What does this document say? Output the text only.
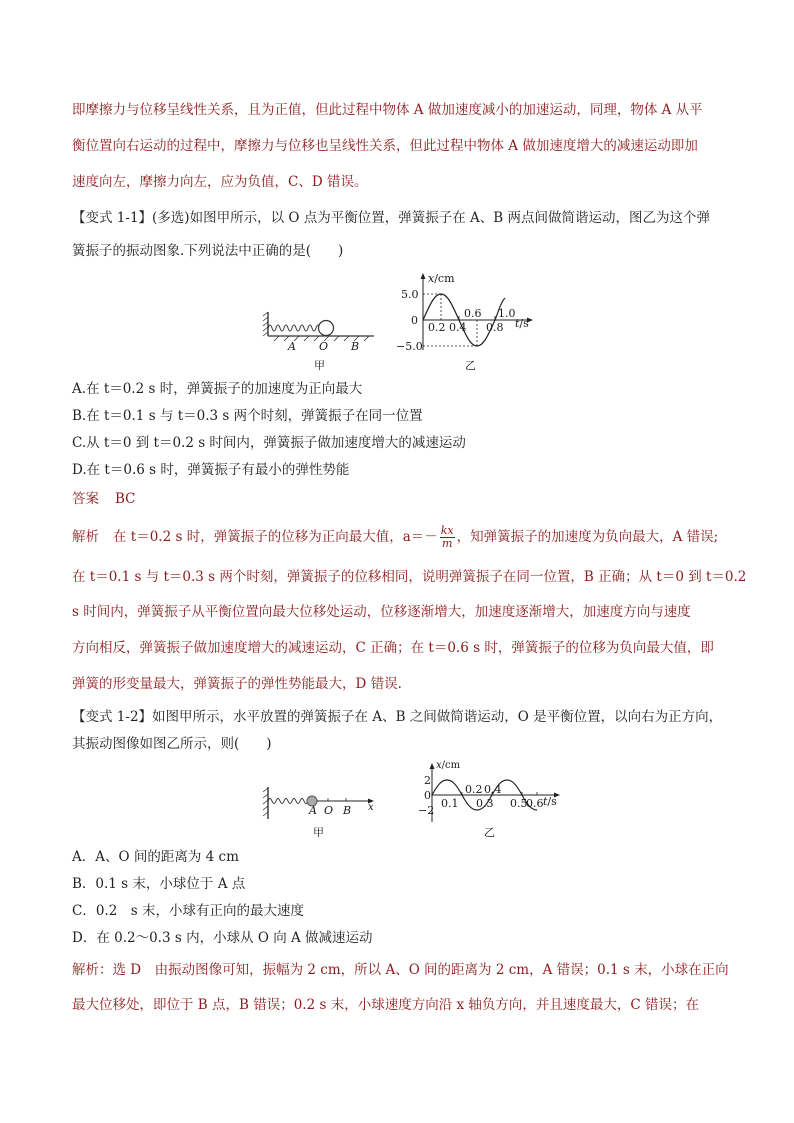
即摩擦力与位移呈线性关系，且为正值，但此过程中物体 A 做加速度减小的加速运动，同理，物体 A 从平
衡位置向右运动的过程中，摩擦力与位移也呈线性关系，但此过程中物体 A 做加速度增大的减速运动即加
速度向左，摩擦力向左，应为负值，C、D 错误。
【变式 1-1】(多选)如图甲所示，以 O 点为平衡位置，弹簧振子在 A、B 两点间做简谐运动，图乙为这个弹
簧振子的振动图象.下列说法中正确的是(　　)
A O B
甲
x/cm
5.0
0
−5.0
0.2 0.4
0.6
0.8
1.0
t/s
乙
A.在 t＝0.2 s 时，弹簧振子的加速度为正向最大
B.在 t＝0.1 s 与 t＝0.3 s 两个时刻，弹簧振子在同一位置
C.从 t＝0 到 t＝0.2 s 时间内，弹簧振子做加速度增大的减速运动
D.在 t＝0.6 s 时，弹簧振子有最小的弹性势能
答案 BC
解析 在 t＝0.2 s 时，弹簧振子的位移为正向最大值，$a=- \frac{kx}{m}$ ，知弹簧振子的加速度为负向最大，A 错误;
在 t＝0.1 s 与 t＝0.3 s 两个时刻，弹簧振子的位移相同，说明弹簧振子在同一位置，B 正确；从 t＝0 到 t＝0.2
s 时间内，弹簧振子从平衡位置向最大位移处运动，位移逐渐增大，加速度逐渐增大，加速度方向与速度
方向相反，弹簧振子做加速度增大的减速运动，C 正确；在 t＝0.6 s 时，弹簧振子的位移为负向最大值，即
弹簧的形变量最大，弹簧振子的弹性势能最大，D 错误.
【变式 1-2】如图甲所示，水平放置的弹簧振子在 A、B 之间做简谐运动，O 是平衡位置，以向右为正方向，
其振动图像如图乙所示，则(　　)
A O B x
甲
x/cm
2
0
−2
0.2 0.4
0.1 0.3 0.5
0.6 t/s
乙
A．A、O 间的距离为 4 cm
B．0.1 s 末，小球位于 A 点
C．0.2　s 末，小球有正向的最大速度
D．在 0.2～0.3 s 内，小球从 O 向 A 做减速运动
解析：选 D　由振动图像可知，振幅为 2 cm，所以 A、O 间的距离为 2 cm，A 错误；0.1 s 末，小球在正向
最大位移处，即位于 B 点，B 错误；0.2 s 末，小球速度方向沿 x 轴负方向，并且速度最大，C 错误；在
